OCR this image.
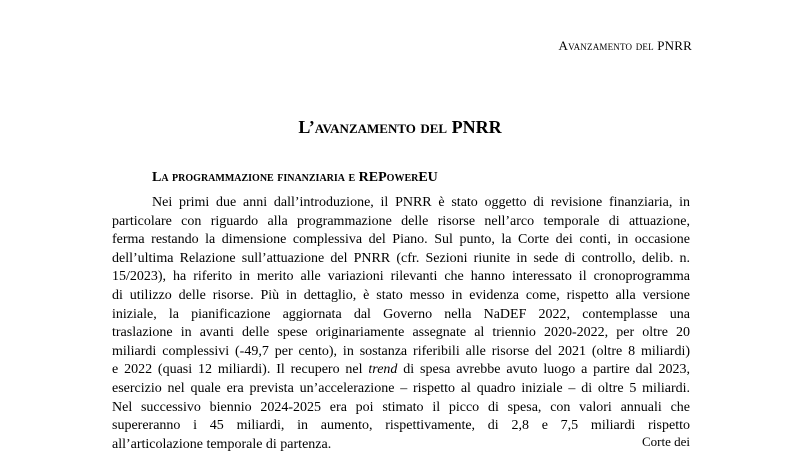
Avanzamento del PNRR
L’avanzamento del PNRR
La programmazione finanziaria e REPowerEU
Nei primi due anni dall’introduzione, il PNRR è stato oggetto di revisione finanziaria, in
particolare con riguardo alla programmazione delle risorse nell’arco temporale di attuazione,
ferma restando la dimensione complessiva del Piano. Sul punto, la Corte dei conti, in occasione
dell’ultima Relazione sull’attuazione del PNRR (cfr. Sezioni riunite in sede di controllo, delib. n.
15/2023), ha riferito in merito alle variazioni rilevanti che hanno interessato il cronoprogramma
di utilizzo delle risorse. Più in dettaglio, è stato messo in evidenza come, rispetto alla versione
iniziale, la pianificazione aggiornata dal Governo nella NaDEF 2022, contemplasse una
traslazione in avanti delle spese originariamente assegnate al triennio 2020-2022, per oltre 20
miliardi complessivi (-49,7 per cento), in sostanza riferibili alle risorse del 2021 (oltre 8 miliardi)
e 2022 (quasi 12 miliardi). Il recupero nel trend di spesa avrebbe avuto luogo a partire dal 2023,
esercizio nel quale era prevista un’accelerazione – rispetto al quadro iniziale – di oltre 5 miliardi.
Nel successivo biennio 2024-2025 era poi stimato il picco di spesa, con valori annuali che
supereranno i 45 miliardi, in aumento, rispettivamente, di 2,8 e 7,5 miliardi rispetto
all’articolazione temporale di partenza.	Corte dei
